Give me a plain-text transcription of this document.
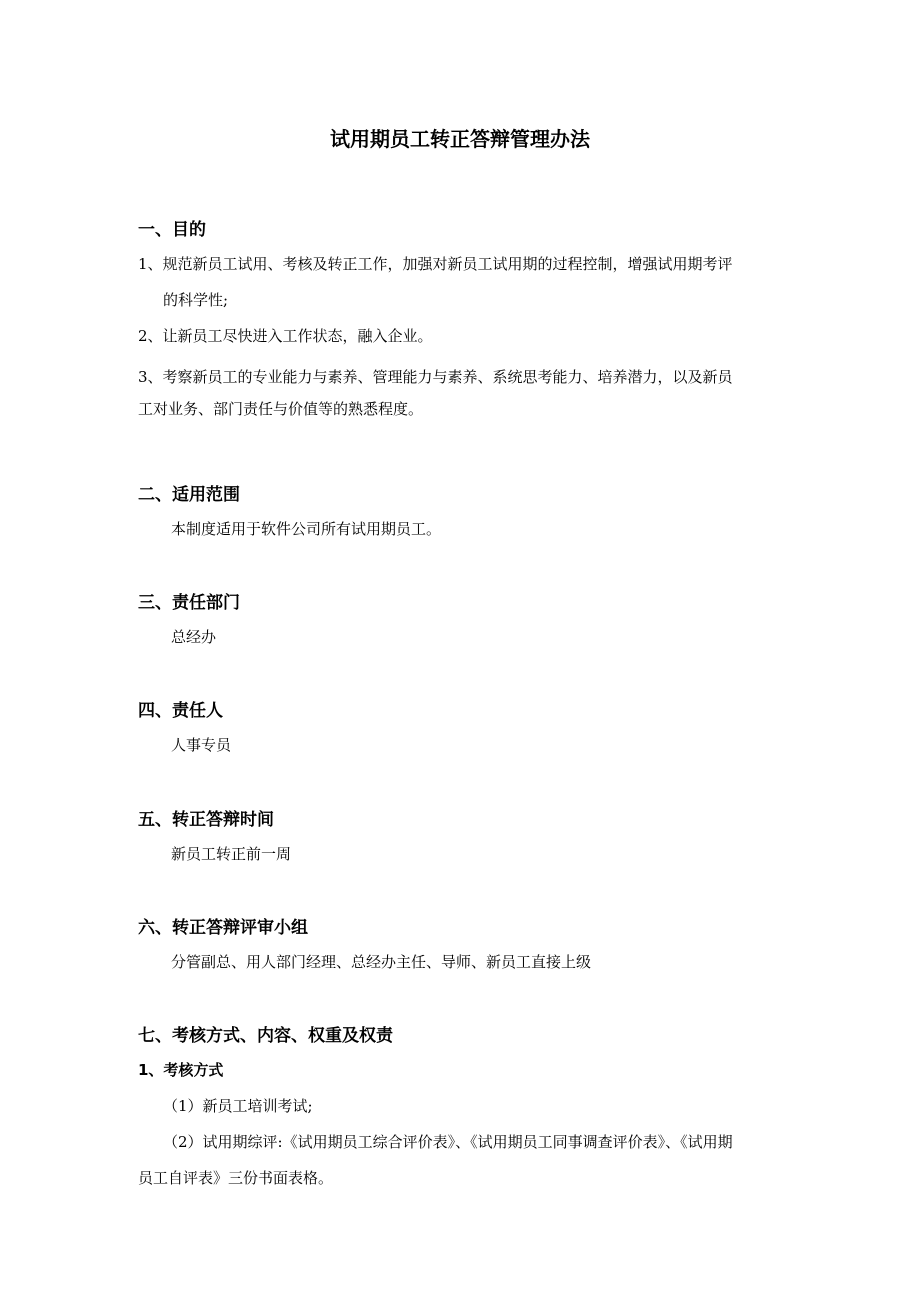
试用期员工转正答辩管理办法
一、目的
1、规范新员工试用、考核及转正工作，加强对新员工试用期的过程控制，增强试用期考评
的科学性;
2、让新员工尽快进入工作状态，融入企业。
3、考察新员工的专业能力与素养、管理能力与素养、系统思考能力、培养潜力，以及新员
工对业务、部门责任与价值等的熟悉程度。
二、适用范围
本制度适用于软件公司所有试用期员工。
三、责任部门
总经办
四、责任人
人事专员
五、转正答辩时间
新员工转正前一周
六、转正答辩评审小组
分管副总、用人部门经理、总经办主任、导师、新员工直接上级
七、考核方式、内容、权重及权责
1、考核方式
（1）新员工培训考试;
（2）试用期综评:《试用期员工综合评价表》、《试用期员工同事调查评价表》、《试用期
员工自评表》三份书面表格。
